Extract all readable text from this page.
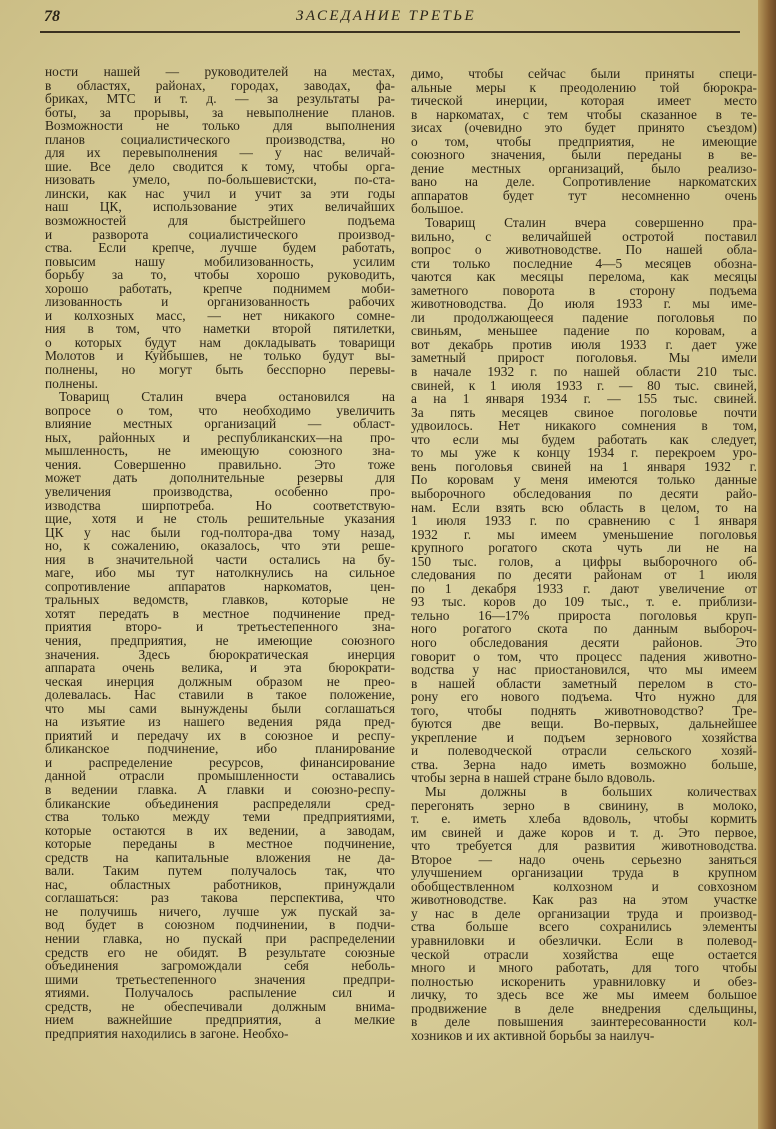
78	ЗАСЕДАНИЕ ТРЕТЬЕ
ности нашей — руководителей на местах,
в областях, районах, городах, заводах, фа-
бриках, МТС и т. д. — за результаты ра-
боты, за прорывы, за невыполнение планов.
Возможности не только для выполнения
планов социалистического производства, но
для их перевыполнения — у нас величай-
шие. Все дело сводится к тому, чтобы орга-
низовать умело, по-большевистски, по-ста-
лински, как нас учил и учит за эти годы
наш ЦК, использование этих величайших
возможностей для быстрейшего подъема
и разворота социалистического производ-
ства. Если крепче, лучше будем работать,
повысим нашу мобилизованность, усилим
борьбу за то, чтобы хорошо руководить,
хорошо работать, крепче поднимем моби-
лизованность и организованность рабочих
и колхозных масс, — нет никакого сомне-
ния в том, что наметки второй пятилетки,
о которых будут нам докладывать товарищи
Молотов и Куйбышев, не только будут вы-
полнены, но могут быть бесспорно перевы-
полнены.
Товарищ Сталин вчера остановился на
вопросе о том, что необходимо увеличить
влияние местных организаций — област-
ных, районных и республиканских—на про-
мышленность, не имеющую союзного зна-
чения. Совершенно правильно. Это тоже
может дать дополнительные резервы для
увеличения производства, особенно про-
изводства ширпотреба. Но соответствую-
щие, хотя и не столь решительные указания
ЦК у нас были год-полтора-два тому назад,
но, к сожалению, оказалось, что эти реше-
ния в значительной части остались на бу-
маге, ибо мы тут натолкнулись на сильное
сопротивление аппаратов наркоматов, цен-
тральных ведомств, главков, которые не
хотят передать в местное подчинение пред-
приятия второ- и третьестепенного зна-
чения, предприятия, не имеющие союзного
значения. Здесь бюрократическая инерция
аппарата очень велика, и эта бюрократи-
ческая инерция должным образом не прео-
долевалась. Нас ставили в такое положение,
что мы сами вынуждены были соглашаться
на изъятие из нашего ведения ряда пред-
приятий и передачу их в союзное и респу-
бликанское подчинение, ибо планирование
и распределение ресурсов, финансирование
данной отрасли промышленности оставались
в ведении главка. А главки и союзно-респу-
бликанские объединения распределяли сред-
ства только между теми предприятиями,
которые остаются в их ведении, а заводам,
которые переданы в местное подчинение,
средств на капитальные вложения не да-
вали. Таким путем получалось так, что
нас, областных работников, принуждали
соглашаться: раз такова перспектива, что
не получишь ничего, лучше уж пускай за-
вод будет в союзном подчинении, в подчи-
нении главка, но пускай при распределении
средств его не обидят. В результате союзные
объединения загромождали себя неболь-
шими третьестепенного значения предпри-
ятиями. Получалось распыление сил и
средств, не обеспечивали должным внима-
нием важнейшие предприятия, а мелкие
предприятия находились в загоне. Необхо-
димо, чтобы сейчас были приняты специ-
альные меры к преодолению той бюрокра-
тической инерции, которая имеет место
в наркоматах, с тем чтобы сказанное в те-
зисах (очевидно это будет принято съездом)
о том, чтобы предприятия, не имеющие
союзного значения, были переданы в ве-
дение местных организаций, было реализо-
вано на деле. Сопротивление наркоматских
аппаратов будет тут несомненно очень
большое.
Товарищ Сталин вчера совершенно пра-
вильно, с величайшей остротой поставил
вопрос о животноводстве. По нашей обла-
сти только последние 4—5 месяцев обозна-
чаются как месяцы перелома, как месяцы
заметного поворота в сторону подъема
животноводства. До июля 1933 г. мы име-
ли продолжающееся падение поголовья по
свиньям, меньшее падение по коровам, а
вот декабрь против июля 1933 г. дает уже
заметный прирост поголовья. Мы имели
в начале 1932 г. по нашей области 210 тыс.
свиней, к 1 июля 1933 г. — 80 тыс. свиней,
а на 1 января 1934 г. — 155 тыс. свиней.
За пять месяцев свиное поголовье почти
удвоилось. Нет никакого сомнения в том,
что если мы будем работать как следует,
то мы уже к концу 1934 г. перекроем уро-
вень поголовья свиней на 1 января 1932 г.
По коровам у меня имеются только данные
выборочного обследования по десяти райо-
нам. Если взять всю область в целом, то на
1 июля 1933 г. по сравнению с 1 января
1932 г. мы имеем уменьшение поголовья
крупного рогатого скота чуть ли не на
150 тыс. голов, а цифры выборочного об-
следования по десяти районам от 1 июля
по 1 декабря 1933 г. дают увеличение от
93 тыс. коров до 109 тыс., т. е. приблизи-
тельно 16—17% прироста поголовья круп-
ного рогатого скота по данным выбороч-
ного обследования десяти районов. Это
говорит о том, что процесс падения животно-
водства у нас приостановился, что мы имеем
в нашей области заметный перелом в сто-
рону его нового подъема. Что нужно для
того, чтобы поднять животноводство? Тре-
буются две вещи. Во-первых, дальнейшее
укрепление и подъем зернового хозяйства
и полеводческой отрасли сельского хозяй-
ства. Зерна надо иметь возможно больше,
чтобы зерна в нашей стране было вдоволь.
Мы должны в больших количествах
перегонять зерно в свинину, в молоко,
т. е. иметь хлеба вдоволь, чтобы кормить
им свиней и даже коров и т. д. Это первое,
что требуется для развития животноводства.
Второе — надо очень серьезно заняться
улучшением организации труда в крупном
обобществленном колхозном и совхозном
животноводстве. Как раз на этом участке
у нас в деле организации труда и производ-
ства больше всего сохранились элементы
уравниловки и обезлички. Если в полевод-
ческой отрасли хозяйства еще остается
много и много работать, для того чтобы
полностью искоренить уравниловку и обез-
личку, то здесь все же мы имеем большое
продвижение в деле внедрения сдельщины,
в деле повышения заинтересованности кол-
хозников и их активной борьбы за наилуч-
